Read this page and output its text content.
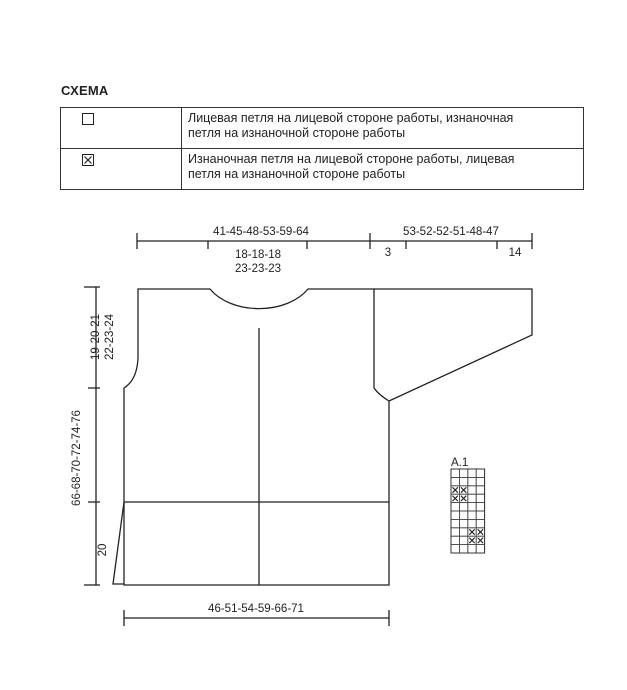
СХЕМА

	Лицевая петля на лицевой стороне работы, изнаночная
петля на изнаночной стороне работы

Изнаночная петля на лицевой стороне работы, лицевая
петля на изнаночной стороне работы
41-45-48-53-59-64	53-52-52-51-48-47
18-18-18
23-23-23
3	14
46-51-54-59-66-71
19-20-21 22-23-24
66-68-70-72-74-76
20
A.1
